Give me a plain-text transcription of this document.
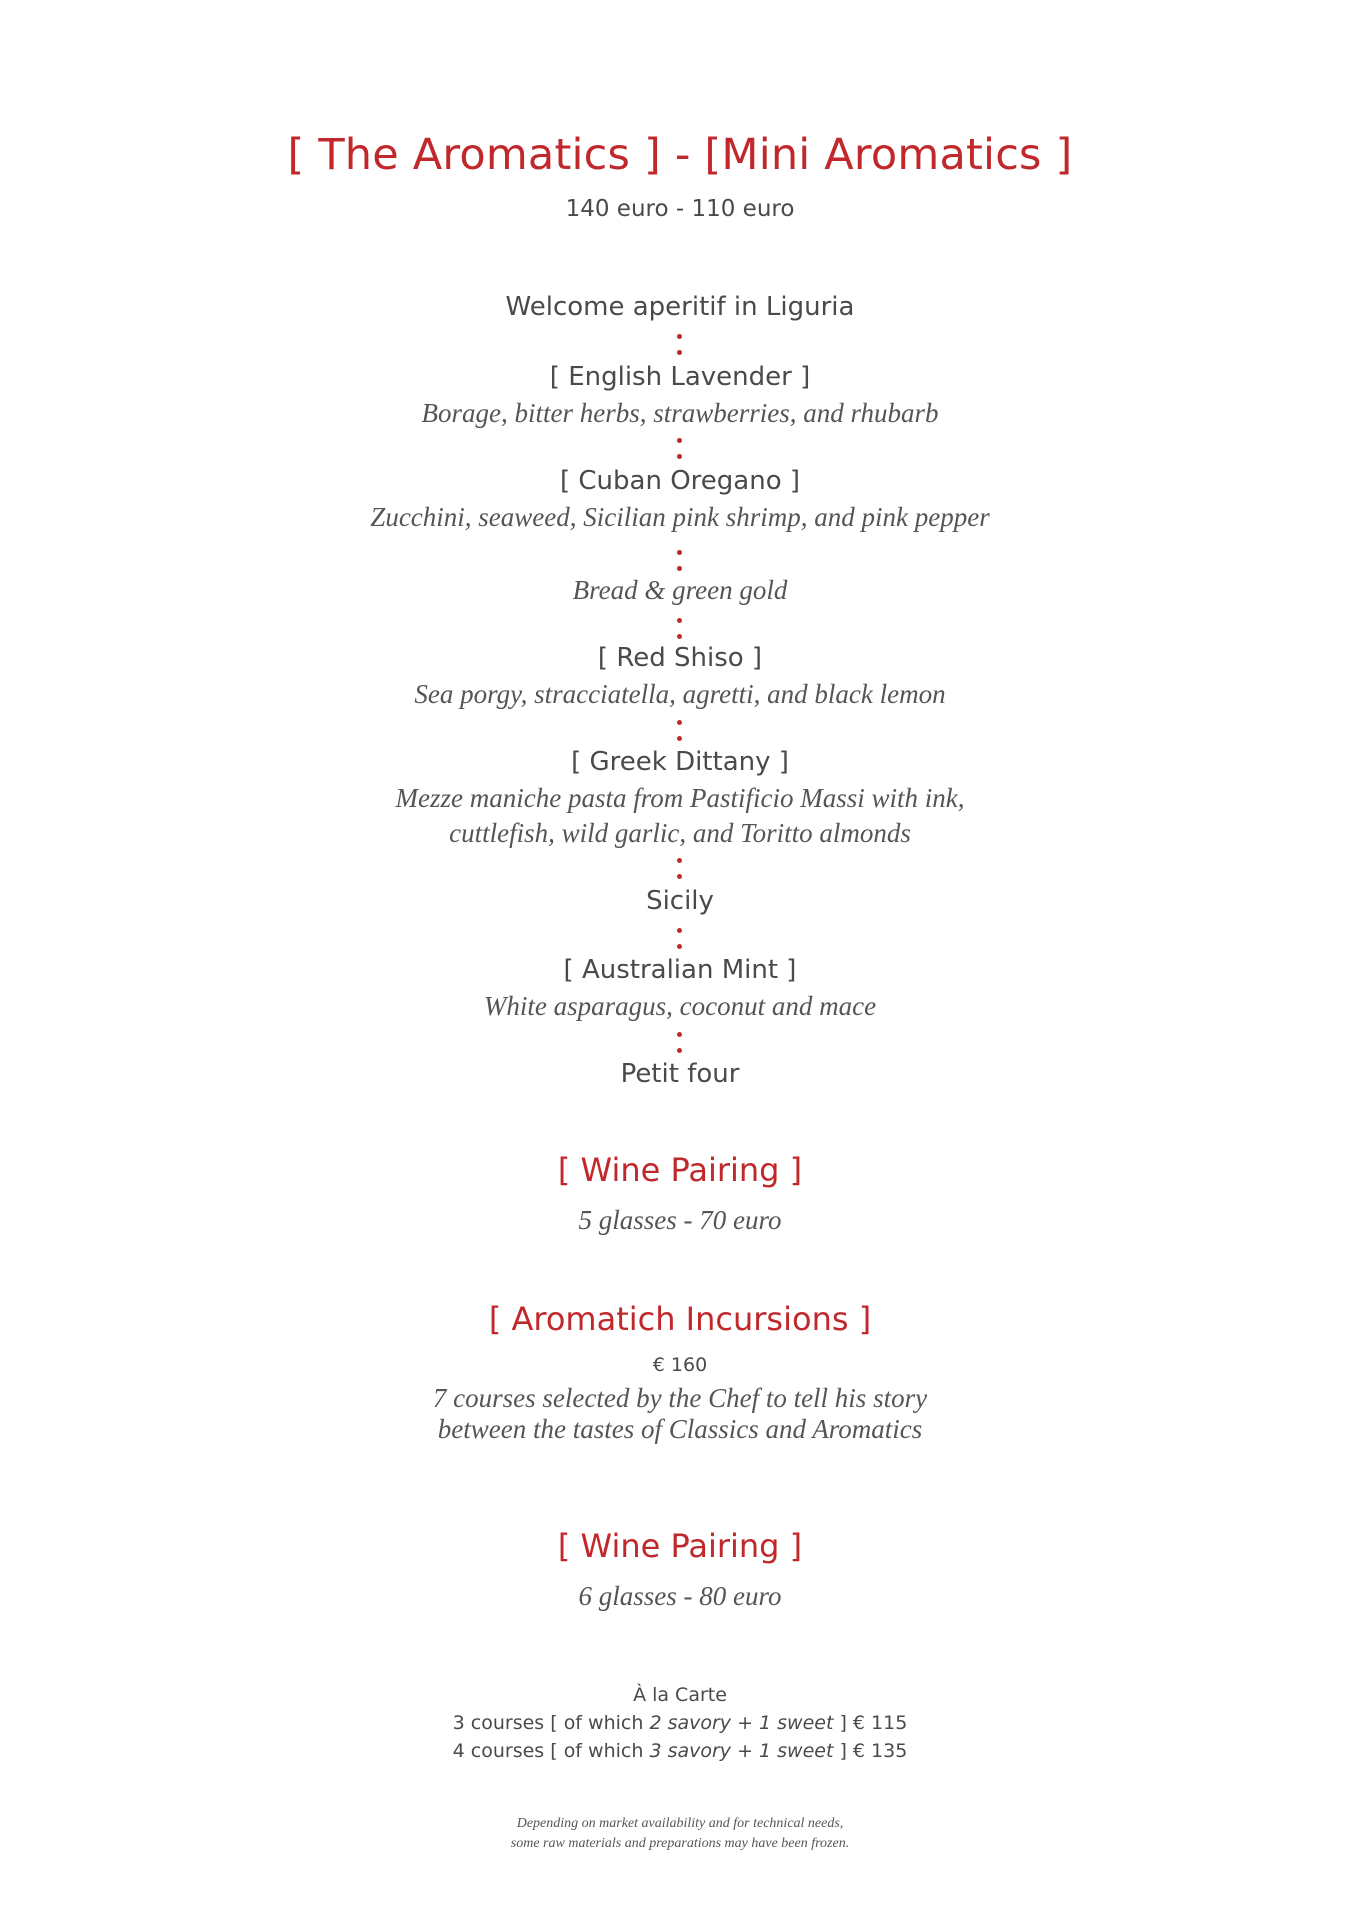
[ The Aromatics ] - [Mini Aromatics ]
140 euro - 110 euro
Welcome aperitif in Liguria
[ English Lavender ]
Borage, bitter herbs, strawberries, and rhubarb
[ Cuban Oregano ]
Zucchini, seaweed, Sicilian pink shrimp, and pink pepper
Bread & green gold
[ Red Shiso ]
Sea porgy, stracciatella, agretti, and black lemon
[ Greek Dittany ]
Mezze maniche pasta from Pastificio Massi with ink,
cuttlefish, wild garlic, and Toritto almonds
Sicily
[ Australian Mint ]
White asparagus, coconut and mace
Petit four
[ Wine Pairing ]
5 glasses - 70 euro
[ Aromatich Incursions ]
€ 160
7 courses selected by the Chef to tell his story
between the tastes of Classics and Aromatics
[ Wine Pairing ]
6 glasses - 80 euro
À la Carte
3 courses [ of which 2 savory + 1 sweet ] € 115
4 courses [ of which 3 savory + 1 sweet ] € 135
Depending on market availability and for technical needs,
some raw materials and preparations may have been frozen.
